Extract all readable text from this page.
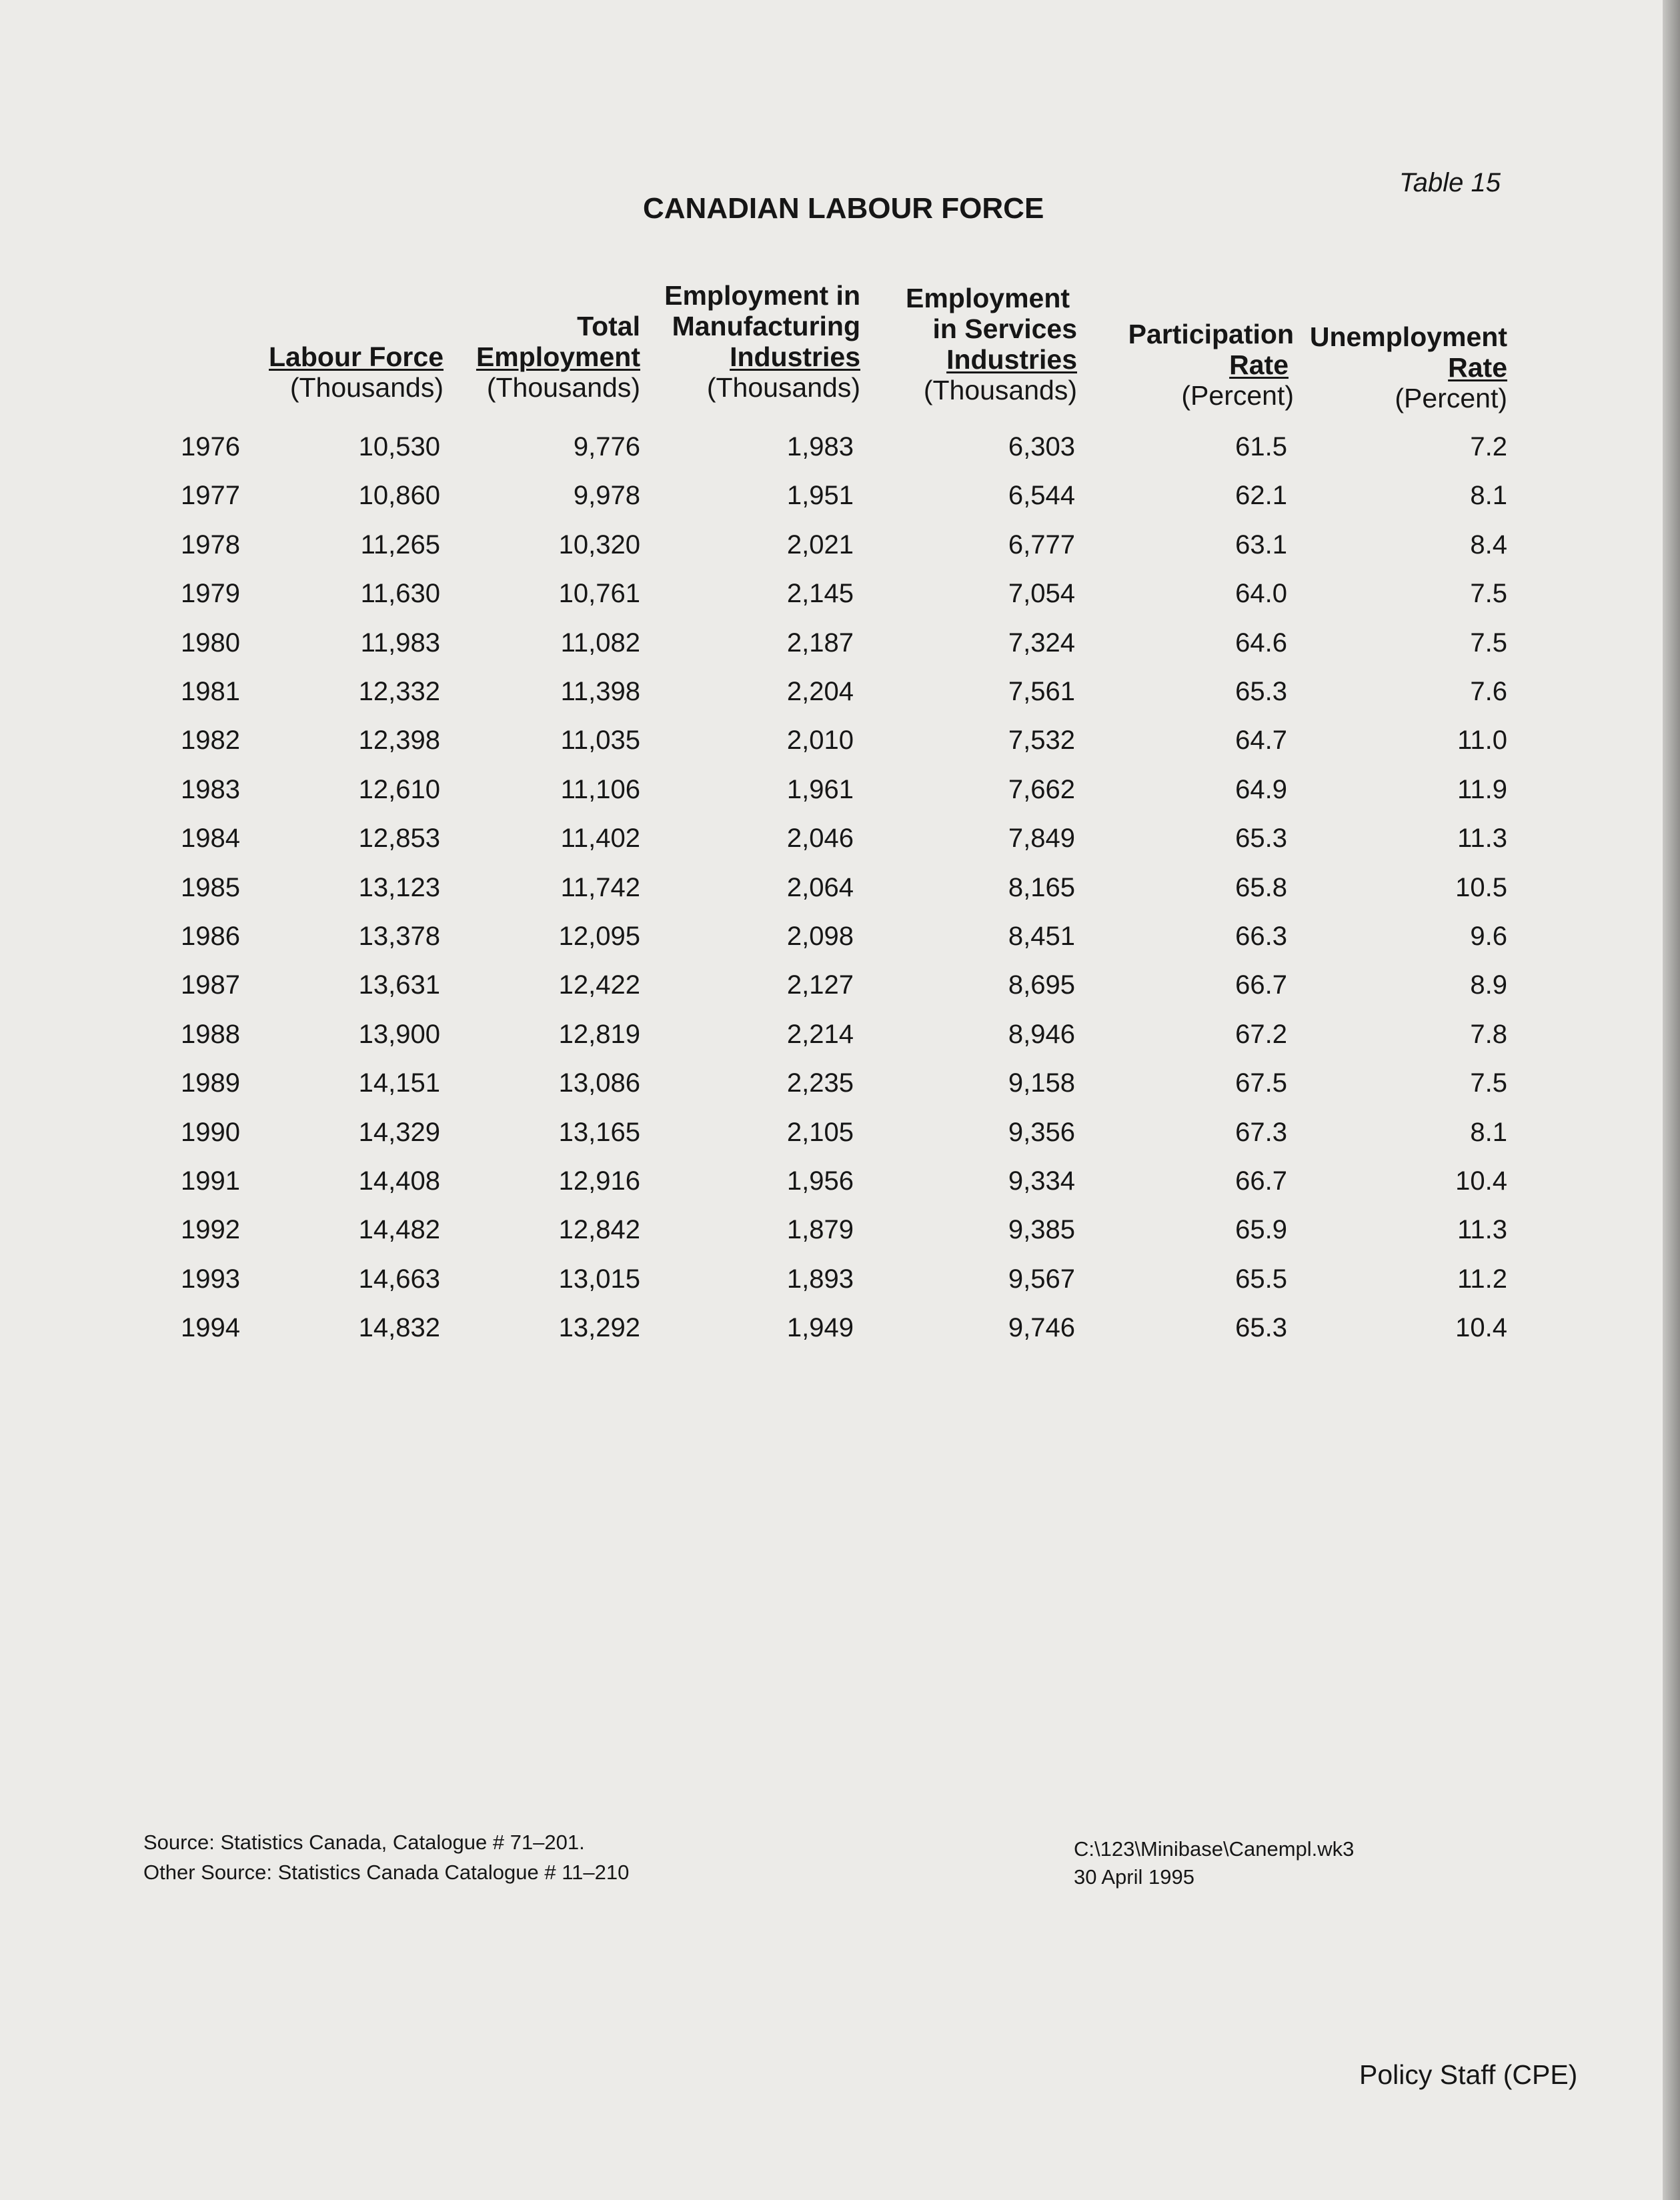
Table 15
CANADIAN LABOUR FORCE
Labour Force
(Thousands)
Total
Employment
(Thousands)
Employment in
Manufacturing
Industries
(Thousands)
Employment
in Services
Industries
(Thousands)
Participation
Rate
(Percent)
Unemployment
Rate
(Percent)
1976	10,530	9,776	1,983	6,303	61.5	7.2
1977	10,860	9,978	1,951	6,544	62.1	8.1
1978	11,265	10,320	2,021	6,777	63.1	8.4
1979	11,630	10,761	2,145	7,054	64.0	7.5
1980	11,983	11,082	2,187	7,324	64.6	7.5
1981	12,332	11,398	2,204	7,561	65.3	7.6
1982	12,398	11,035	2,010	7,532	64.7	11.0
1983	12,610	11,106	1,961	7,662	64.9	11.9
1984	12,853	11,402	2,046	7,849	65.3	11.3
1985	13,123	11,742	2,064	8,165	65.8	10.5
1986	13,378	12,095	2,098	8,451	66.3	9.6
1987	13,631	12,422	2,127	8,695	66.7	8.9
1988	13,900	12,819	2,214	8,946	67.2	7.8
1989	14,151	13,086	2,235	9,158	67.5	7.5
1990	14,329	13,165	2,105	9,356	67.3	8.1
1991	14,408	12,916	1,956	9,334	66.7	10.4
1992	14,482	12,842	1,879	9,385	65.9	11.3
1993	14,663	13,015	1,893	9,567	65.5	11.2
1994	14,832	13,292	1,949	9,746	65.3	10.4
Source: Statistics Canada, Catalogue # 71–201.
Other Source: Statistics Canada Catalogue # 11–210
C:\123\Minibase\Canempl.wk3
30 April 1995
Policy Staff (CPE)
